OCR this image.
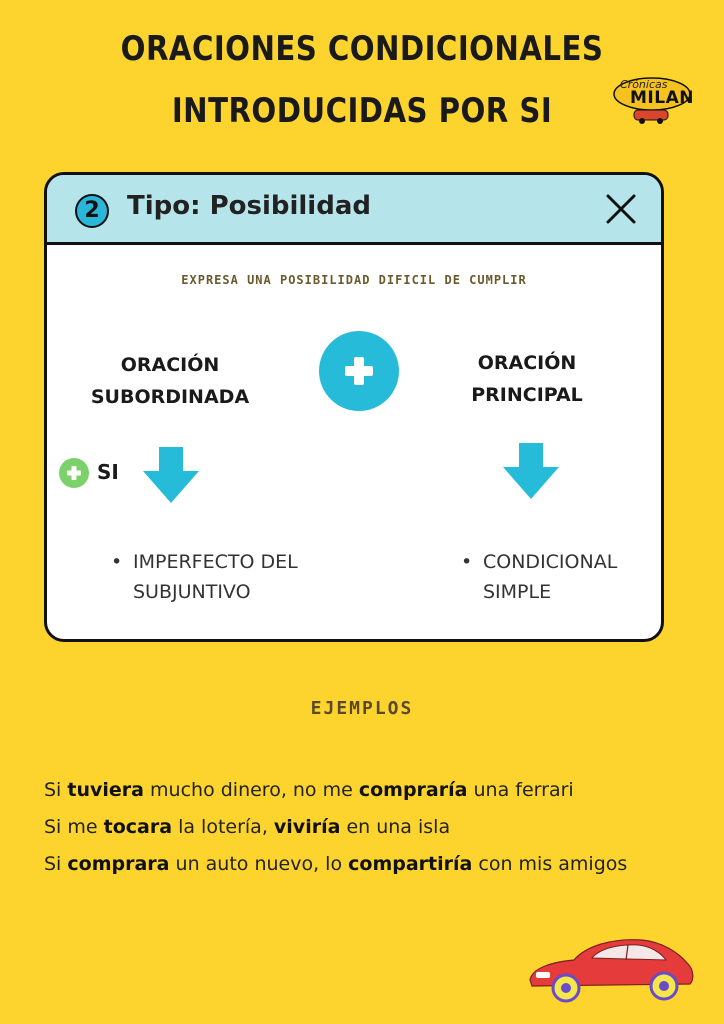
ORACIONES CONDICIONALES
INTRODUCIDAS POR SI
Crónicas
MILAN
2	Tipo: Posibilidad
EXPRESA UNA POSIBILIDAD DIFICIL DE CUMPLIR
ORACIÓN
SUBORDINADA
ORACIÓN
PRINCIPAL
SI
• IMPERFECTO DEL
SUBJUNTIVO
• CONDICIONAL
SIMPLE
EJEMPLOS
Si tuviera mucho dinero, no me compraría una ferrari
Si me tocara la lotería, viviría en una isla
Si comprara un auto nuevo, lo compartiría con mis amigos
